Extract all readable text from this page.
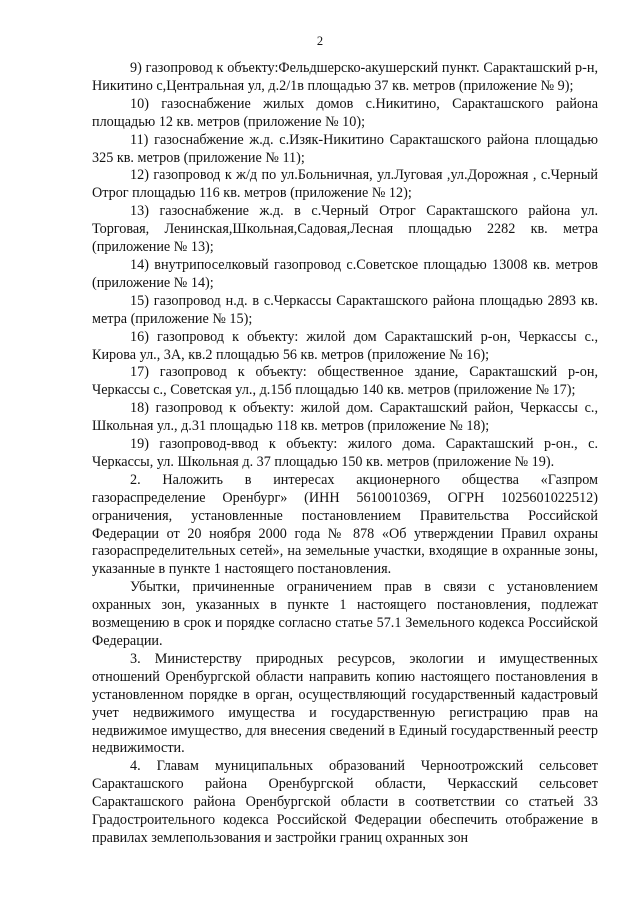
2

9) газопровод к объекту:Фельдшерско-акушерский пункт. Саракташский р-н, Никитино с,Центральная ул, д.2/1в площадью 37 кв. метров (приложение № 9);

10) газоснабжение жилых домов с.Никитино, Саракташского района площадью 12 кв. метров (приложение № 10);

11) газоснабжение ж.д. с.Изяк-Никитино Саракташского района площадью 325 кв. метров (приложение № 11);

12) газопровод к ж/д по ул.Больничная, ул.Луговая ,ул.Дорожная , с.Черный Отрог площадью 116 кв. метров (приложение № 12);

13) газоснабжение ж.д. в с.Черный Отрог Саракташского района ул. Торговая, Ленинская,Школьная,Садовая,Лесная площадью 2282 кв. метра (приложение № 13);

14) внутрипоселковый газопровод с.Советское площадью 13008 кв. метров (приложение № 14);

15) газопровод н.д. в с.Черкассы Саракташского района площадью 2893 кв. метра (приложение № 15);

16) газопровод к объекту: жилой дом Саракташский р-он, Черкассы с., Кирова ул., 3А, кв.2 площадью 56 кв. метров (приложение № 16);

17) газопровод к объекту: общественное здание, Саракташский р-он, Черкассы с., Советская ул., д.15б площадью 140 кв. метров (приложение № 17);

18) газопровод к объекту: жилой дом. Саракташский район, Черкассы с., Школьная ул., д.31 площадью 118 кв. метров (приложение № 18);

19) газопровод-ввод к объекту: жилого дома. Саракташский р-он., с. Черкассы, ул. Школьная д. 37 площадью 150 кв. метров (приложение № 19).

2. Наложить в интересах акционерного общества «Газпром газораспределение Оренбург» (ИНН 5610010369, ОГРН 1025601022512) ограничения, установленные постановлением Правительства Российской Федерации от 20 ноября 2000 года № 878 «Об утверждении Правил охраны газораспределительных сетей», на земельные участки, входящие в охранные зоны, указанные в пункте 1 настоящего постановления.

Убытки, причиненные ограничением прав в связи с установлением охранных зон, указанных в пункте 1 настоящего постановления, подлежат возмещению в срок и порядке согласно статье 57.1 Земельного кодекса Российской Федерации.

3. Министерству природных ресурсов, экологии и имущественных отношений Оренбургской области направить копию настоящего постановления в установленном порядке в орган, осуществляющий государственный кадастровый учет недвижимого имущества и государственную регистрацию прав на недвижимое имущество, для внесения сведений в Единый государственный реестр недвижимости.

4. Главам муниципальных образований Черноотрожский сельсовет Саракташского района Оренбургской области, Черкасский сельсовет Саракташского района Оренбургской области в соответствии со статьей 33 Градостроительного кодекса Российской Федерации обеспечить отображение в правилах землепользования и застройки границ охранных зон
